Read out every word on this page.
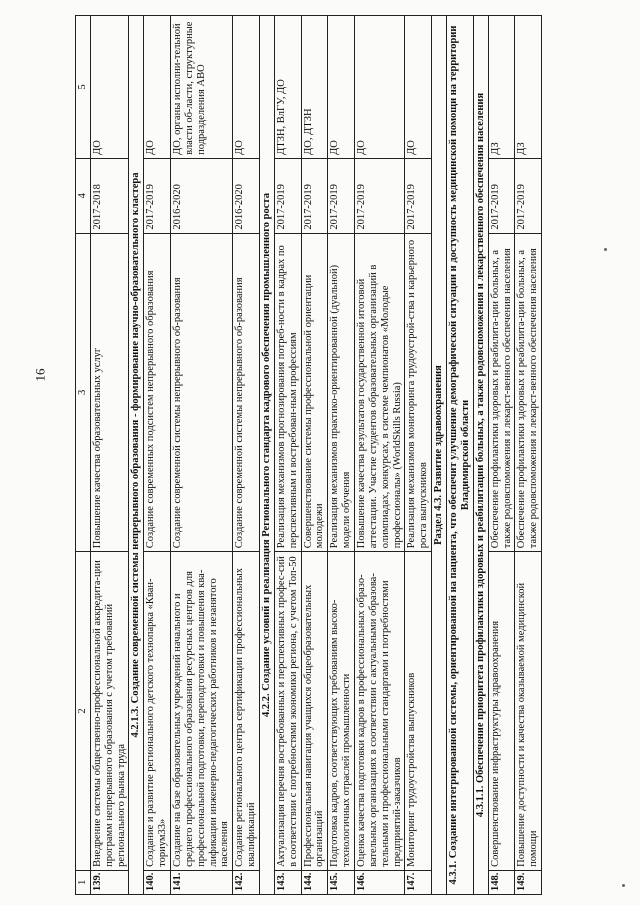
16
1	2	3	4	5
139.	Внедрение системы общественно-профессиональной аккредита-ции программ непрерывного образования с учетом требований регионального рынка труда	Повышение качества образовательных услуг	2017-2018	ДО
4.2.1.3. Создание современной системы непрерывного образования - формирование научно-образовательного кластера				
140.	Создание и развитие регионального детского технопарка «Кван-ториум33»	Создание современных подсистем непрерывного образования	2017-2019	ДО
141.	Создание на базе образовательных учреждений начального и среднего профессионального образования ресурсных центров для профессиональной подготовки, переподготовки и повышения ква-лификации инженерно-педагогических работников и незанятого населения	Создание современной системы непрерывного об-разования	2016-2020	ДО, органы исполни-тельной власти об-ласти, структурные подразделения АВО
142.	Создание регионального центра сертификации профессиональных квалификаций	Создание современной системы непрерывного об-разования	2016-2020	ДО
4.2.2. Создание условий и реализация Регионального стандарта кадрового обеспечения промышленного роста				
143.	Актуализация перечня востребованных и перспективных профес-сий в соответствии с потребностями экономики региона, с учетом Топ-50	Реализация механизмов прогнозирования потреб-ности в кадрах по перспективным и востребован-ным профессиям	2017-2019	ДТЗН, ВлГУ, ДО
144.	Профессиональная навигация учащихся общеобразовательных организаций	Совершенствование системы профессиональной ориентации молодежи	2017-2019	ДО, ДТЗН
145.	Подготовка кадров, соответствующих требованиям высоко-технологичных отраслей промышленности	Реализация механизмов практико-ориентированной (дуальной) модели обучения	2017-2019	ДО
146.	Оценка качества подготовки кадров в профессиональных образо-вательных организациях в соответствии с актуальными образова-тельными и профессиональными стандартами и потребностями предприятий-заказчиков	Повышение качества результатов государственной итоговой аттестации. Участие студентов образовательных организаций в олимпиадах, конкурсах, в системе чемпионатов «Молодые профессионалы» (WorldSkills Russia)	2017-2019	ДО
147.	Мониторинг трудоустройства выпускников	Реализация механизмов мониторинга трудоустрой-ства и карьерного роста выпускников	2017-2019	ДО
Раздел 4.3. Развитие здравоохранения				
4.3.1. Создание интегрированной системы, ориентированной на пациента, что обеспечит улучшение демографической ситуации и доступность медицинской помощи на территории Владимирской области				
4.3.1.1. Обеспечение приоритета профилактики здоровых и реабилитации больных, а также родовспоможения и лекарственного обеспечения населения				
148.	Совершенствование инфраструктуры здравоохранения	Обеспечение профилактики здоровых и реабилита-ции больных, а также родовспоможения и лекарст-венного обеспечения населения	2017-2019	ДЗ
149.	Повышение доступности и качества оказываемой медицинской помощи	Обеспечение профилактики здоровых и реабилита-ции больных, а также родовспоможения и лекарст-венного обеспечения населения	2017-2019	ДЗ
